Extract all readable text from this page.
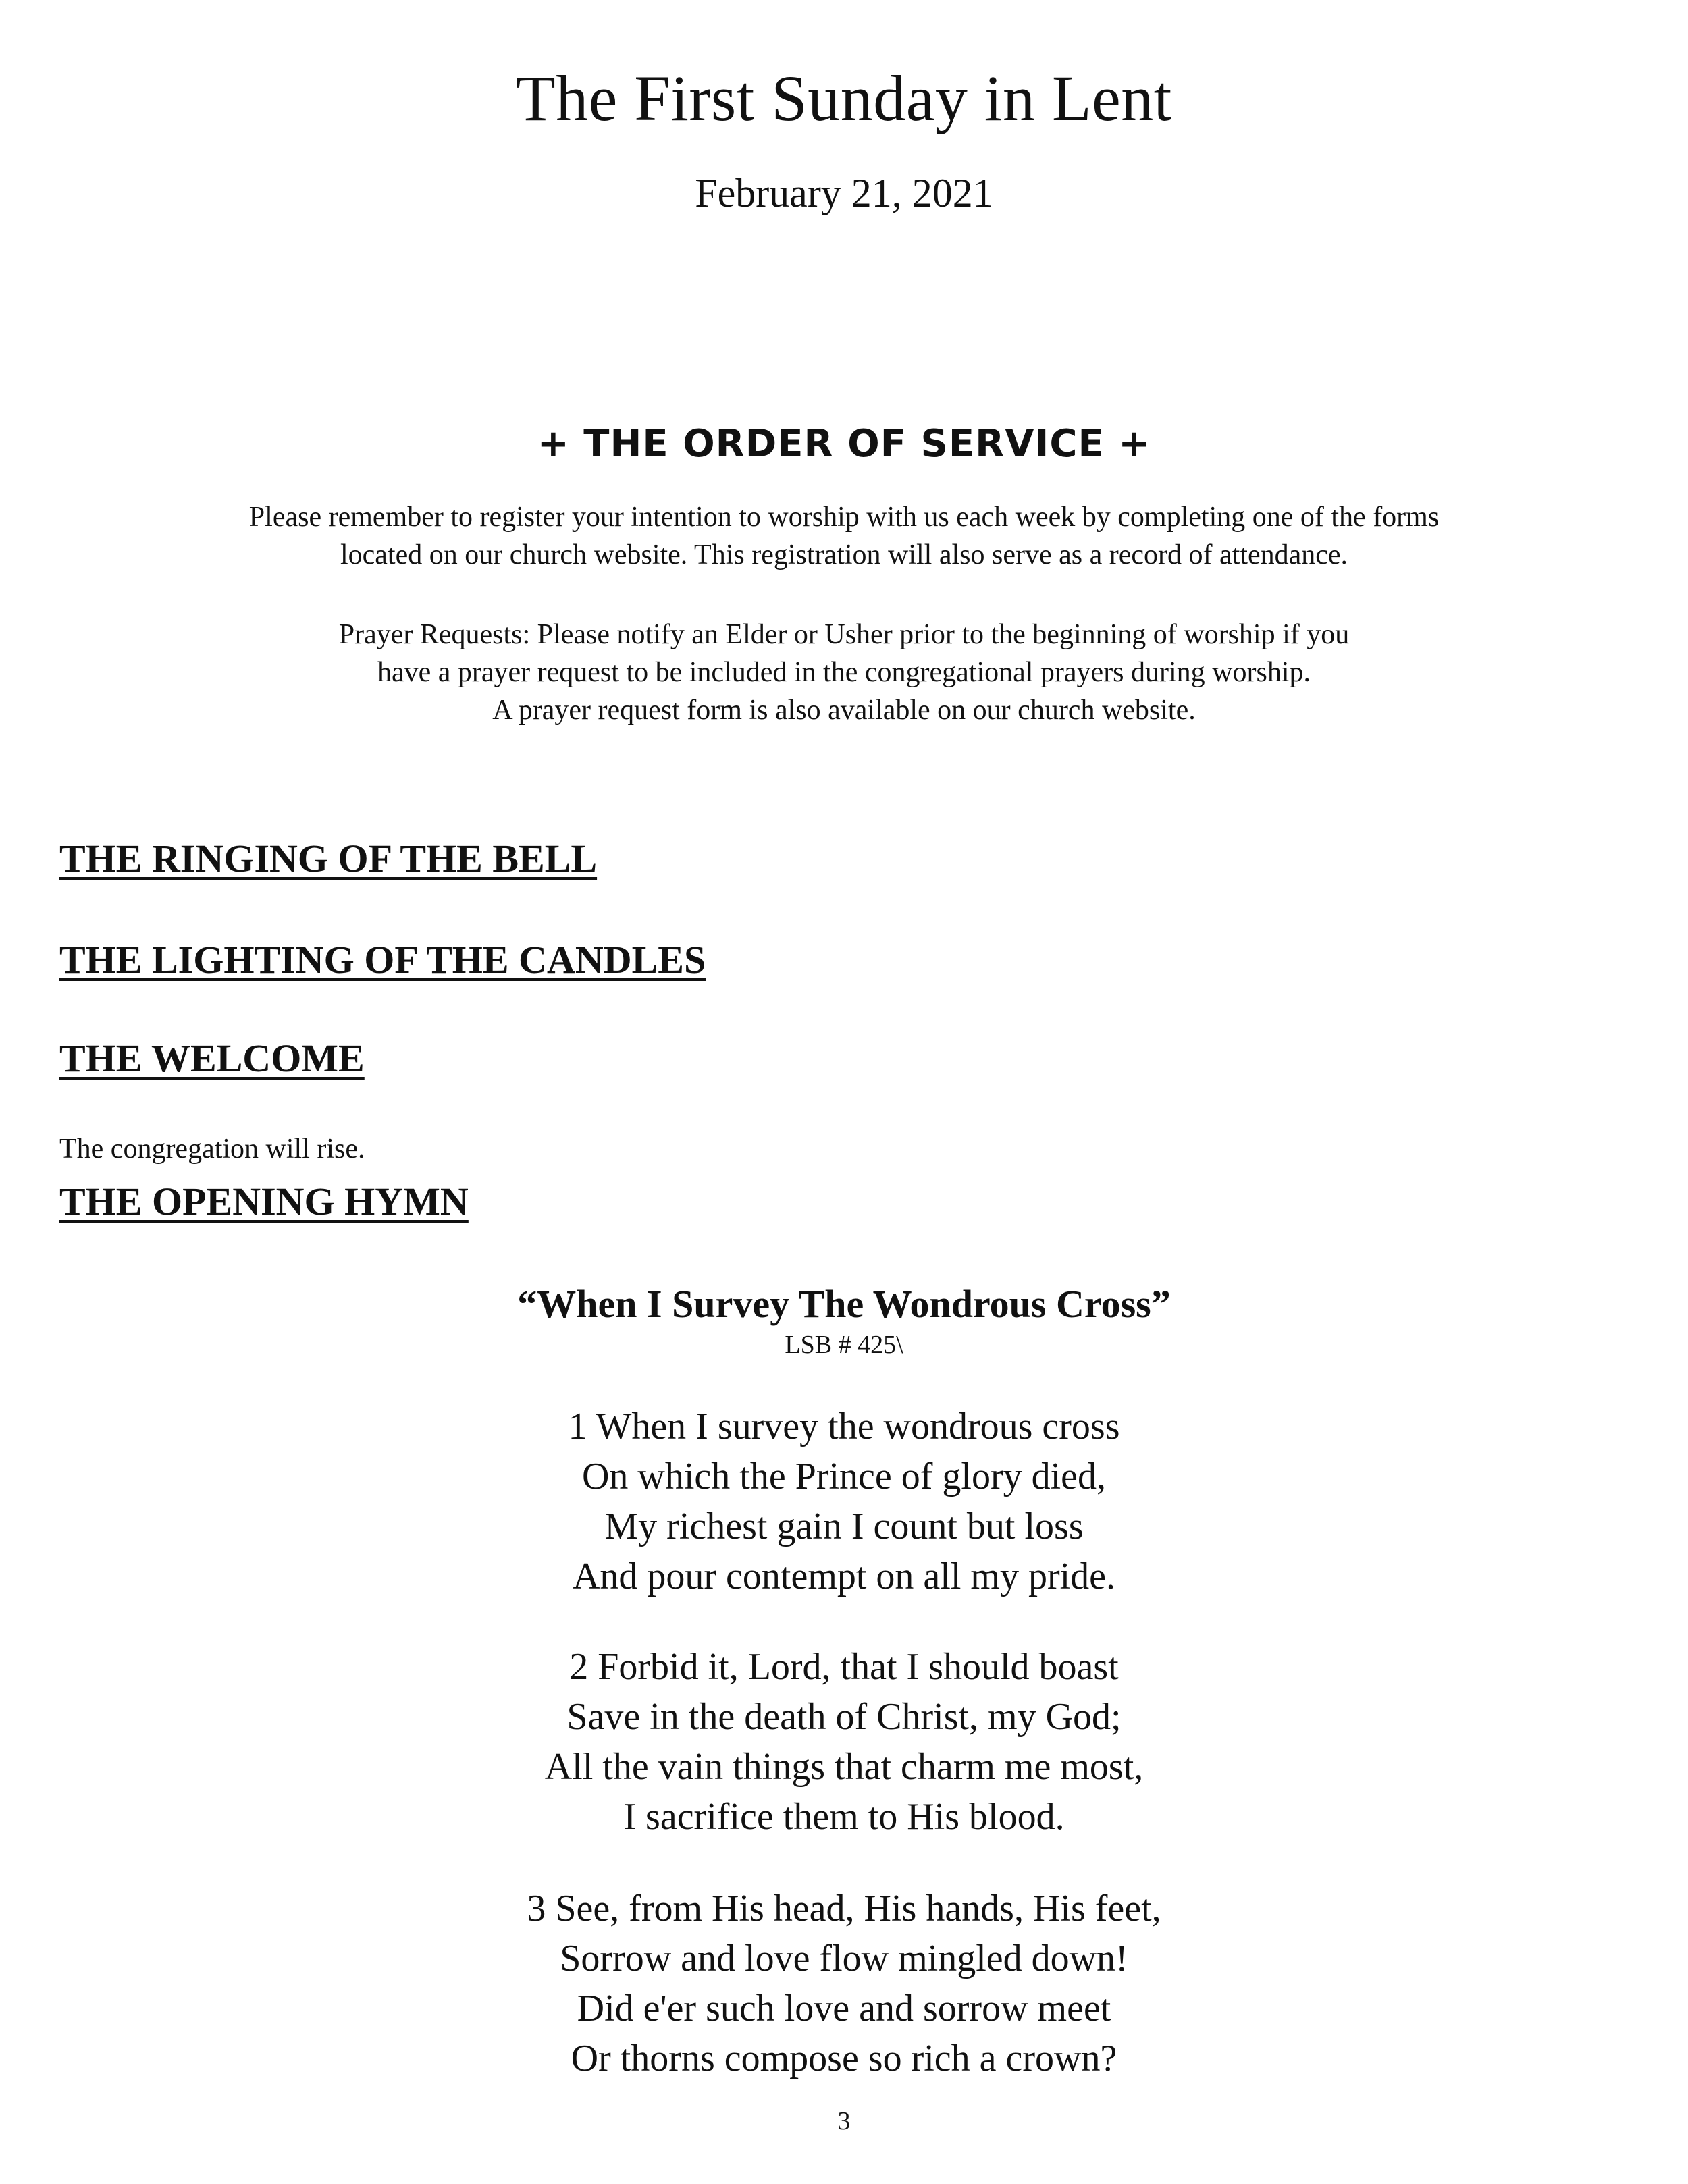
The First Sunday in Lent
February 21, 2021
+ THE ORDER OF SERVICE +
Please remember to register your intention to worship with us each week by completing one of the forms
located on our church website. This registration will also serve as a record of attendance.
Prayer Requests: Please notify an Elder or Usher prior to the beginning of worship if you
have a prayer request to be included in the congregational prayers during worship.
A prayer request form is also available on our church website.
THE RINGING OF THE BELL
THE LIGHTING OF THE CANDLES
THE WELCOME
The congregation will rise.
THE OPENING HYMN
“When I Survey The Wondrous Cross”
LSB # 425\
1 When I survey the wondrous cross
On which the Prince of glory died,
My richest gain I count but loss
And pour contempt on all my pride.
2 Forbid it, Lord, that I should boast
Save in the death of Christ, my God;
All the vain things that charm me most,
I sacrifice them to His blood.
3 See, from His head, His hands, His feet,
Sorrow and love flow mingled down!
Did e'er such love and sorrow meet
Or thorns compose so rich a crown?
3
